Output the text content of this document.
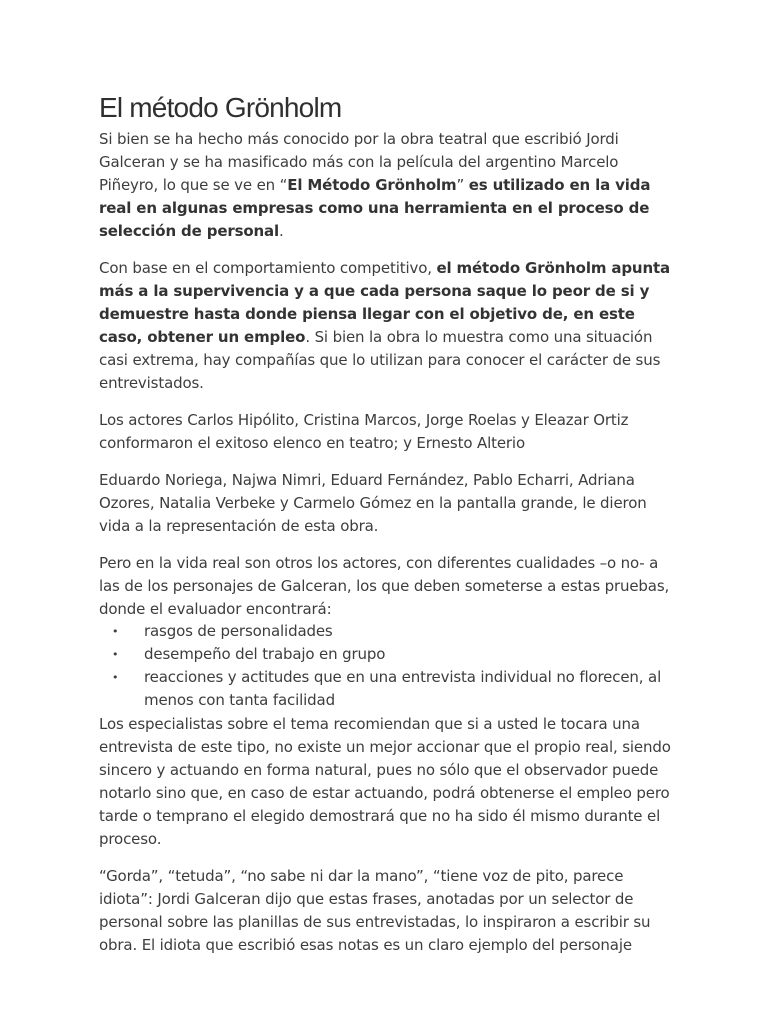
El método Grönholm

Si bien se ha hecho más conocido por la obra teatral que escribió Jordi Galceran y se ha masificado más con la película del argentino Marcelo Piñeyro, lo que se ve en “El Método Grönholm” es utilizado en la vida real en algunas empresas como una herramienta en el proceso de selección de personal.

Con base en el comportamiento competitivo, el método Grönholm apunta más a la supervivencia y a que cada persona saque lo peor de si y demuestre hasta donde piensa llegar con el objetivo de, en este caso, obtener un empleo. Si bien la obra lo muestra como una situación casi extrema, hay compañías que lo utilizan para conocer el carácter de sus entrevistados.

Los actores Carlos Hipólito, Cristina Marcos, Jorge Roelas y Eleazar Ortiz conformaron el exitoso elenco en teatro; y Ernesto Alterio

Eduardo Noriega, Najwa Nimri, Eduard Fernández, Pablo Echarri, Adriana Ozores, Natalia Verbeke y Carmelo Gómez en la pantalla grande, le dieron vida a la representación de esta obra.

Pero en la vida real son otros los actores, con diferentes cualidades –o no- a las de los personajes de Galceran, los que deben someterse a estas pruebas, donde el evaluador encontrará:

• rasgos de personalidades
• desempeño del trabajo en grupo
• reacciones y actitudes que en una entrevista individual no florecen, al menos con tanta facilidad

Los especialistas sobre el tema recomiendan que si a usted le tocara una entrevista de este tipo, no existe un mejor accionar que el propio real, siendo sincero y actuando en forma natural, pues no sólo que el observador puede notarlo sino que, en caso de estar actuando, podrá obtenerse el empleo pero tarde o temprano el elegido demostrará que no ha sido él mismo durante el proceso.

“Gorda”, “tetuda”, “no sabe ni dar la mano”, “tiene voz de pito, parece idiota”: Jordi Galceran dijo que estas frases, anotadas por un selector de personal sobre las planillas de sus entrevistadas, lo inspiraron a escribir su obra. El idiota que escribió esas notas es un claro ejemplo del personaje
